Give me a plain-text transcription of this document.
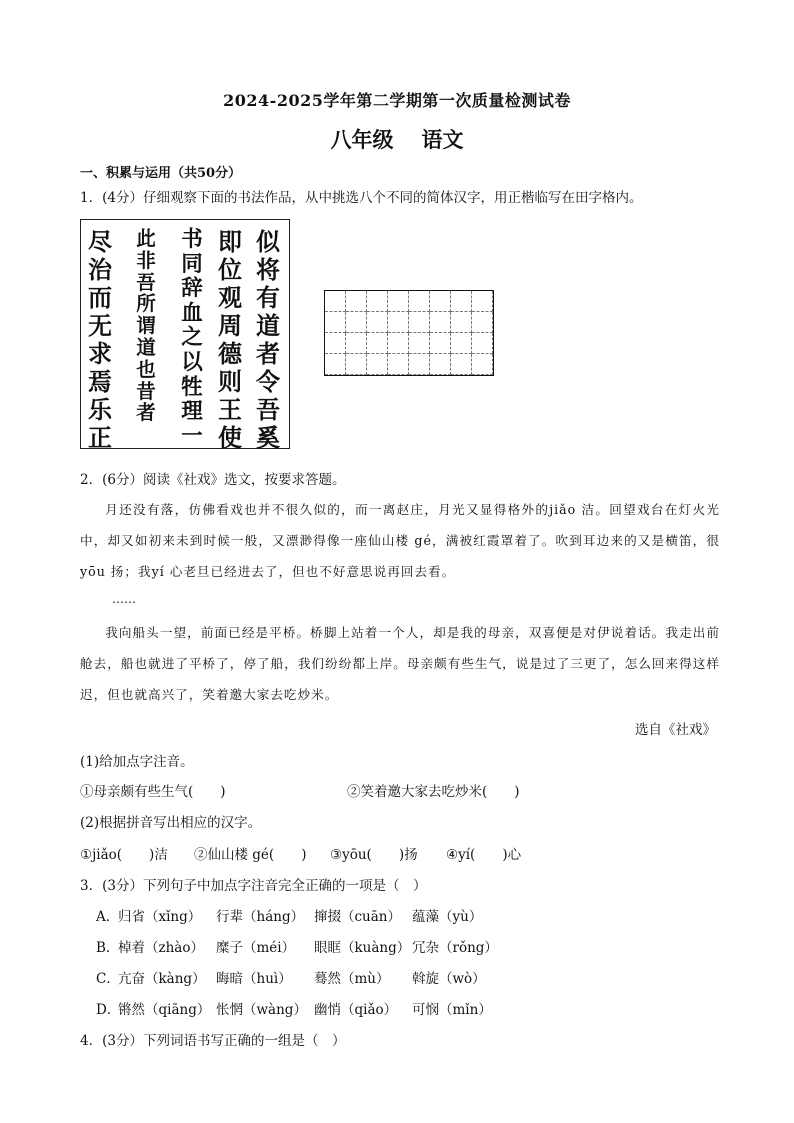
2024-2025学年第二学期第一次质量检测试卷
八年级 语文
一、积累与运用（共50分）
1．(4分）仔细观察下面的书法作品，从中挑选八个不同的简体汉字，用正楷临写在田字格内。
似将有道者令吾奚
即位观周德则王使
书同辞血之以牲理一
此非吾所谓道也昔者
尽治而无求焉乐正
2．(6分）阅读《社戏》选文，按要求答题。
月还没有落，仿佛看戏也并不很久似的，而一离赵庄，月光又显得格外的jiǎo 洁。回望戏台在灯火光中，却又如初来未到时候一般，又漂渺得像一座仙山楼 gé，满被红霞罩着了。吹到耳边来的又是横笛，很yōu 扬；我yí 心老旦已经进去了，但也不好意思说再回去看。
……
我向船头一望，前面已经是平桥。桥脚上站着一个人，却是我的母亲，双喜便是对伊说着话。我走出前舱去，船也就进了平桥了，停了船，我们纷纷都上岸。母亲颇有些生气，说是过了三更了，怎么回来得这样迟，但也就高兴了，笑着邀大家去吃炒米。
选自《社戏》
(1)给加点字注音。
①母亲颇有些生气(　　)	②笑着邀大家去吃炒米(　　)
(2)根据拼音写出相应的汉字。
①jiǎo(　　)洁 ②仙山楼 gé(　　) ③yōu(　　)扬 ④yí(　　)心
3．(3分）下列句子中加点字注音完全正确的一项是（　）
A．归省（xǐng） 行辈（háng） 撺掇（cuān） 蕴藻（yù）
B．棹着（zhào） 糜子（méi） 眼眶（kuàng） 冗杂（rǒng）
C．亢奋（kàng） 晦暗（huì） 蓦然（mù） 斡旋（wò）
D．锵然（qiāng） 怅惘（wàng） 幽悄（qiǎo） 可悯（mǐn）
4．(3分）下列词语书写正确的一组是（　）
